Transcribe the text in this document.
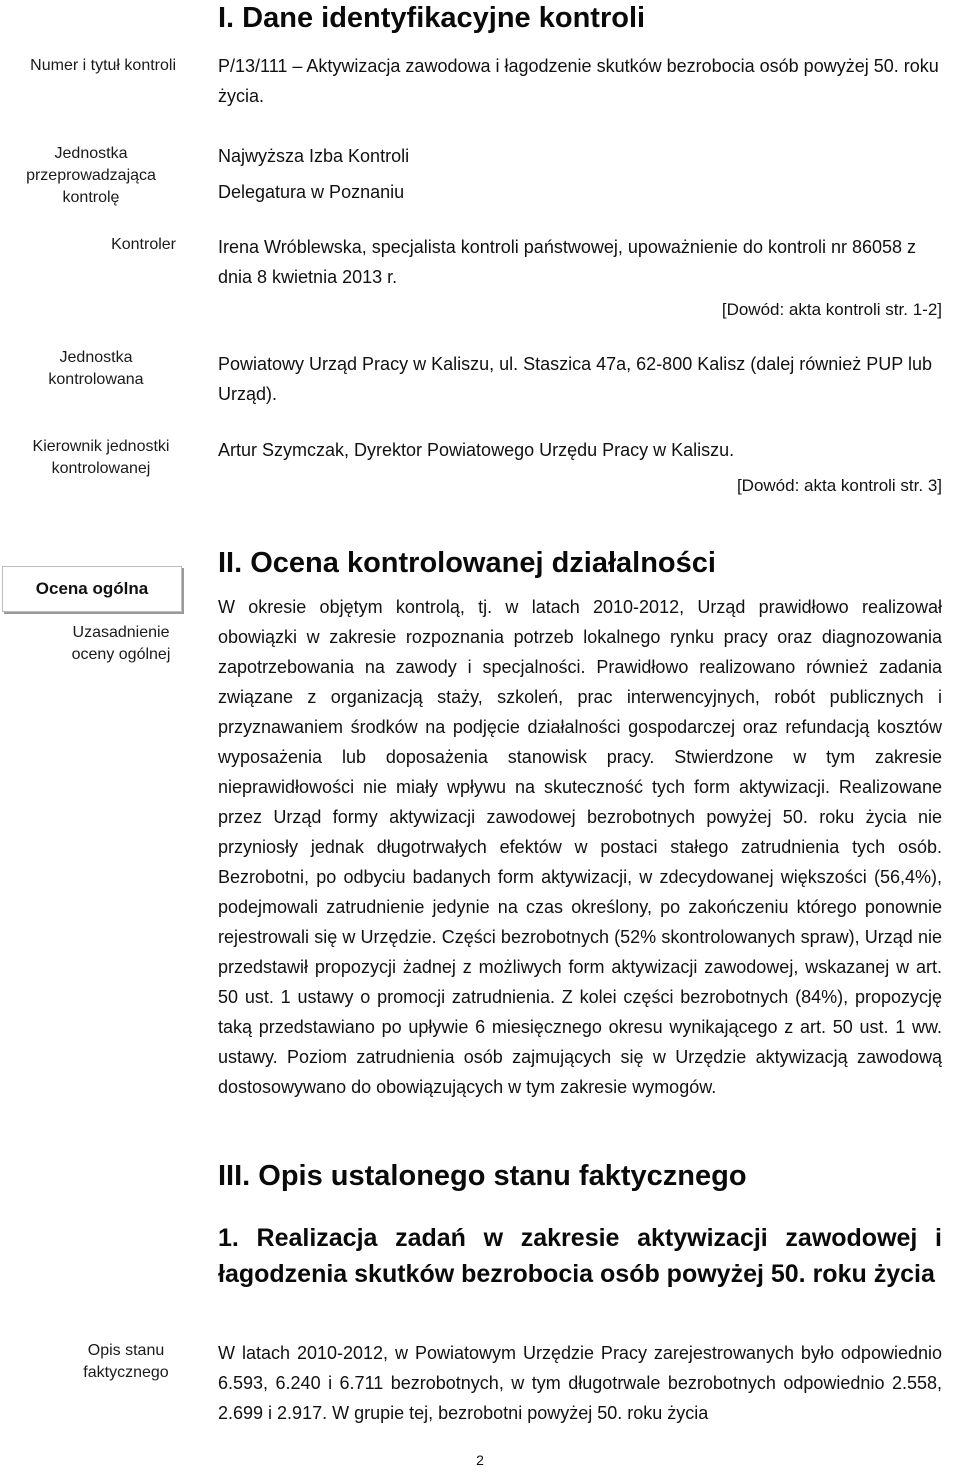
I. Dane identyfikacyjne kontroli
Numer i tytuł kontroli P/13/111 – Aktywizacja zawodowa i łagodzenie skutków bezrobocia osób powyżej 50. roku życia.
Jednostka przeprowadzająca kontrolę
Najwyższa Izba Kontroli
Delegatura w Poznaniu
Kontroler Irena Wróblewska, specjalista kontroli państwowej, upoważnienie do kontroli nr 86058 z dnia 8 kwietnia 2013 r.
[Dowód: akta kontroli str. 1-2]
Jednostka kontrolowana
Powiatowy Urząd Pracy w Kaliszu, ul. Staszica 47a, 62-800 Kalisz (dalej również PUP lub Urząd).
Kierownik jednostki kontrolowanej
Artur Szymczak, Dyrektor Powiatowego Urzędu Pracy w Kaliszu.
[Dowód: akta kontroli str. 3]
Ocena ogólna
Uzasadnienie oceny ogólnej
II. Ocena kontrolowanej działalności
W okresie objętym kontrolą, tj. w latach 2010-2012, Urząd prawidłowo realizował obowiązki w zakresie rozpoznania potrzeb lokalnego rynku pracy oraz diagnozowania zapotrzebowania na zawody i specjalności. Prawidłowo realizowano również zadania związane z organizacją staży, szkoleń, prac interwencyjnych, robót publicznych i przyznawaniem środków na podjęcie działalności gospodarczej oraz refundacją kosztów wyposażenia lub doposażenia stanowisk pracy. Stwierdzone w tym zakresie nieprawidłowości nie miały wpływu na skuteczność tych form aktywizacji. Realizowane przez Urząd formy aktywizacji zawodowej bezrobotnych powyżej 50. roku życia nie przyniosły jednak długotrwałych efektów w postaci stałego zatrudnienia tych osób. Bezrobotni, po odbyciu badanych form aktywizacji, w zdecydowanej większości (56,4%), podejmowali zatrudnienie jedynie na czas określony, po zakończeniu którego ponownie rejestrowali się w Urzędzie. Części bezrobotnych (52% skontrolowanych spraw), Urząd nie przedstawił propozycji żadnej z możliwych form aktywizacji zawodowej, wskazanej w art. 50 ust. 1 ustawy o promocji zatrudnienia. Z kolei części bezrobotnych (84%), propozycję taką przedstawiano po upływie 6 miesięcznego okresu wynikającego z art. 50 ust. 1 ww. ustawy. Poziom zatrudnienia osób zajmujących się w Urzędzie aktywizacją zawodową dostosowywano do obowiązujących w tym zakresie wymogów.
III. Opis ustalonego stanu faktycznego
1. Realizacja zadań w zakresie aktywizacji zawodowej i łagodzenia skutków bezrobocia osób powyżej 50. roku życia
Opis stanu faktycznego
W latach 2010-2012, w Powiatowym Urzędzie Pracy zarejestrowanych było odpowiednio 6.593, 6.240 i 6.711 bezrobotnych, w tym długotrwale bezrobotnych odpowiednio 2.558, 2.699 i 2.917. W grupie tej, bezrobotni powyżej 50. roku życia
2
